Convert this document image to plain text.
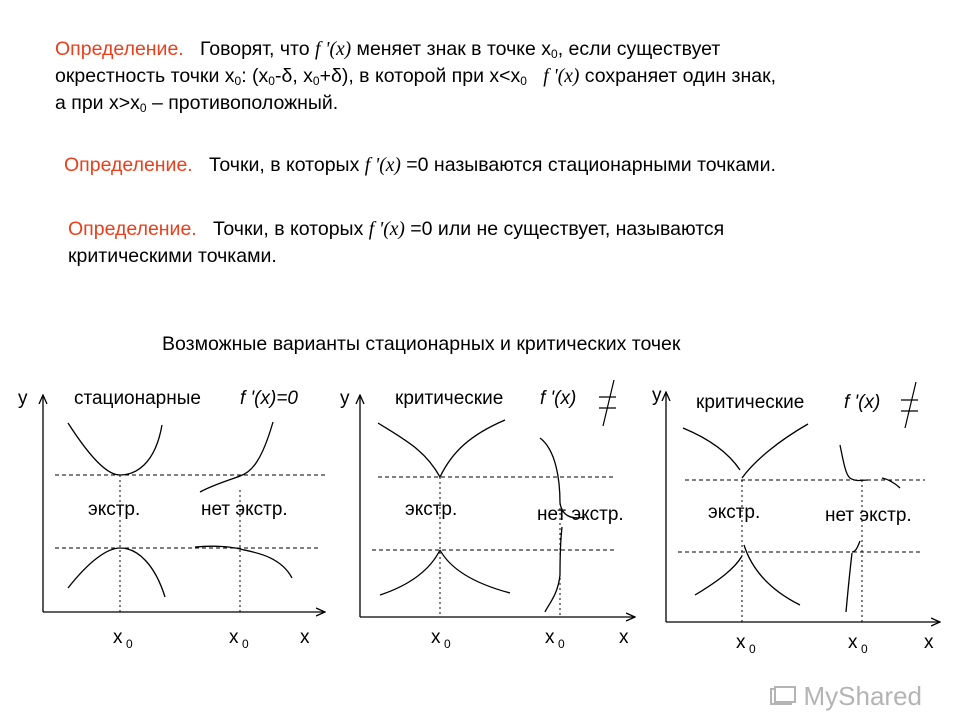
Определение. Говорят, что f '(x) меняет знак в точке $x_0$, если существует
окрестность точки $x_0$: ($x_0-\delta$, $x_0+\delta$), в которой при $x<x_0$ f '(x) сохраняет один знак,
а при $x>x_0$ – противоположный.
Определение. Точки, в которых f '(x) =0 называются стационарными точками.
Определение. Точки, в которых f '(x) =0 или не существует, называются
критическими точками.
Возможные варианты стационарных и критических точек
y стационарные f '(x)=0
экстр.	нет экстр.
x 0	x 0	x
y критические f '(x)
экстр.	нет экстр.
x 0	x 0	x
y критические f '(x)
экстр.	нет экстр.
x 0	x 0	x
MyShared
